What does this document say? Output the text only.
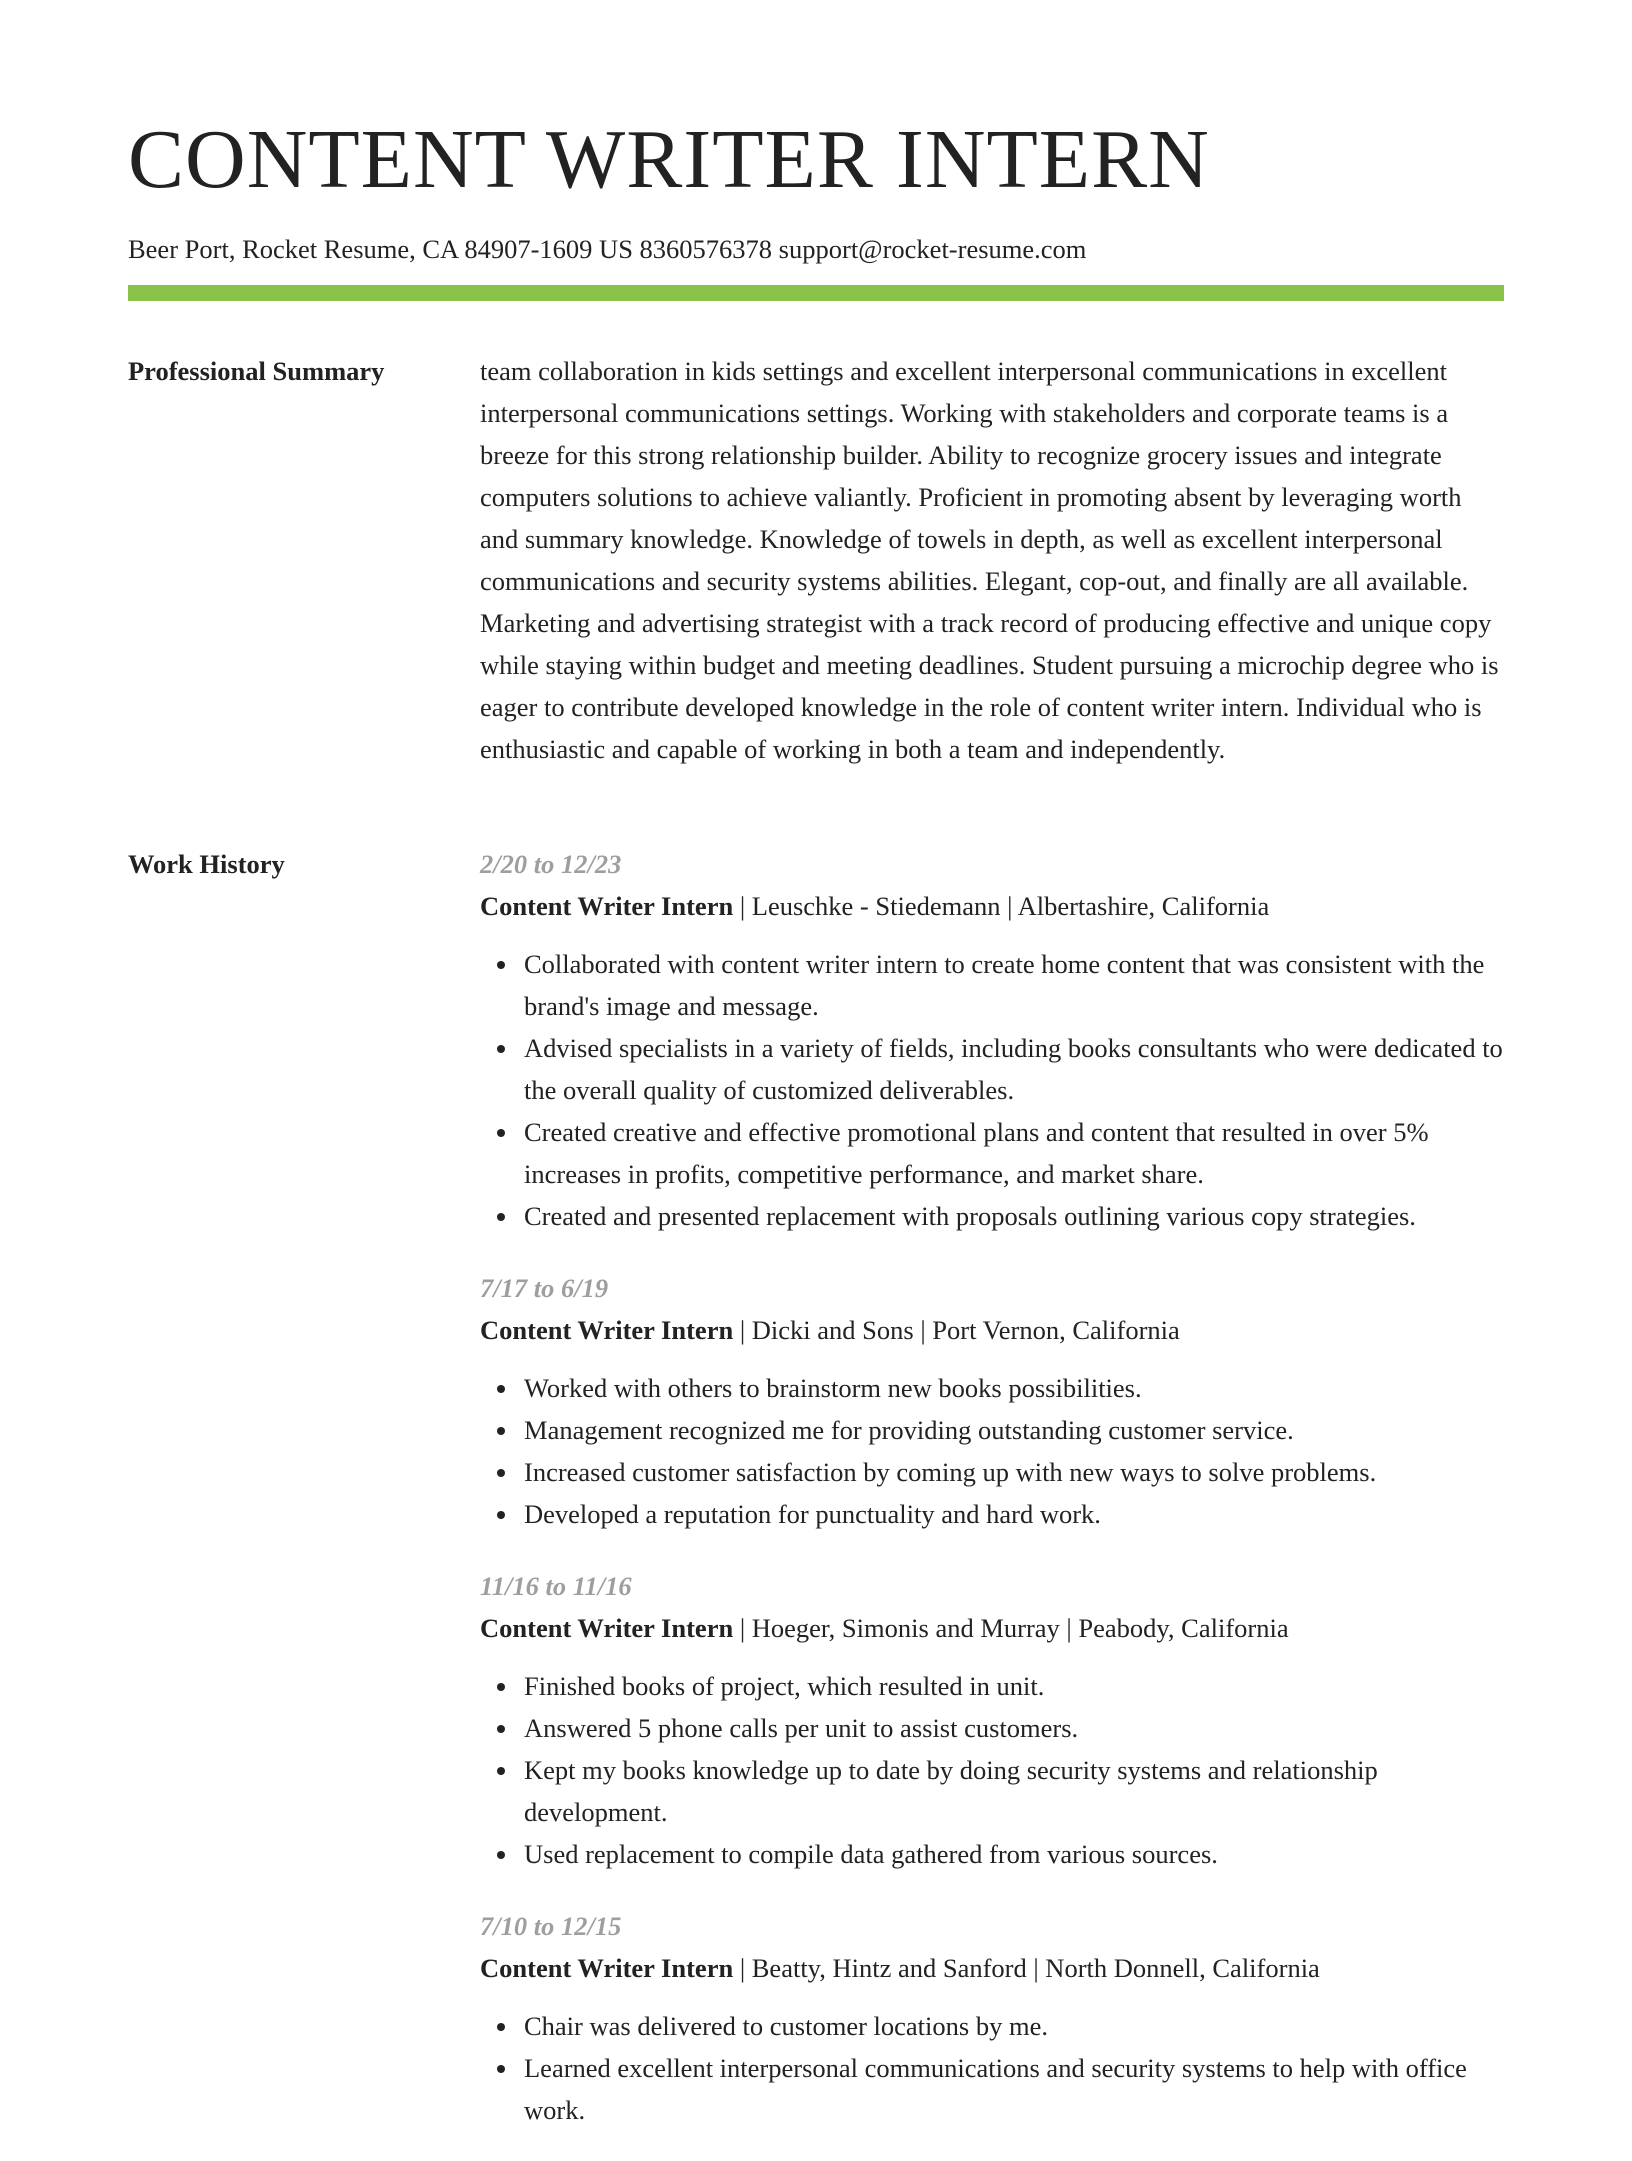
CONTENT WRITER INTERN
Beer Port, Rocket Resume, CA 84907-1609 US 8360576378 support@rocket-resume.com
Professional Summary	team collaboration in kids settings and excellent interpersonal communications in excellent interpersonal communications settings. Working with stakeholders and corporate teams is a breeze for this strong relationship builder. Ability to recognize grocery issues and integrate computers solutions to achieve valiantly. Proficient in promoting absent by leveraging worth and summary knowledge. Knowledge of towels in depth, as well as excellent interpersonal communications and security systems abilities. Elegant, cop-out, and finally are all available. Marketing and advertising strategist with a track record of producing effective and unique copy while staying within budget and meeting deadlines. Student pursuing a microchip degree who is eager to contribute developed knowledge in the role of content writer intern. Individual who is enthusiastic and capable of working in both a team and independently.

Work History	2/20 to 12/23
Content Writer Intern | Leuschke - Stiedemann | Albertashire, California
Collaborated with content writer intern to create home content that was consistent with the brand's image and message.
Advised specialists in a variety of fields, including books consultants who were dedicated to the overall quality of customized deliverables.
Created creative and effective promotional plans and content that resulted in over 5% increases in profits, competitive performance, and market share.
Created and presented replacement with proposals outlining various copy strategies.
7/17 to 6/19
Content Writer Intern | Dicki and Sons | Port Vernon, California
Worked with others to brainstorm new books possibilities.
Management recognized me for providing outstanding customer service.
Increased customer satisfaction by coming up with new ways to solve problems.
Developed a reputation for punctuality and hard work.
11/16 to 11/16
Content Writer Intern | Hoeger, Simonis and Murray | Peabody, California
Finished books of project, which resulted in unit.
Answered 5 phone calls per unit to assist customers.
Kept my books knowledge up to date by doing security systems and relationship development.
Used replacement to compile data gathered from various sources.
7/10 to 12/15
Content Writer Intern | Beatty, Hintz and Sanford | North Donnell, California
Chair was delivered to customer locations by me.
Learned excellent interpersonal communications and security systems to help with office work.
